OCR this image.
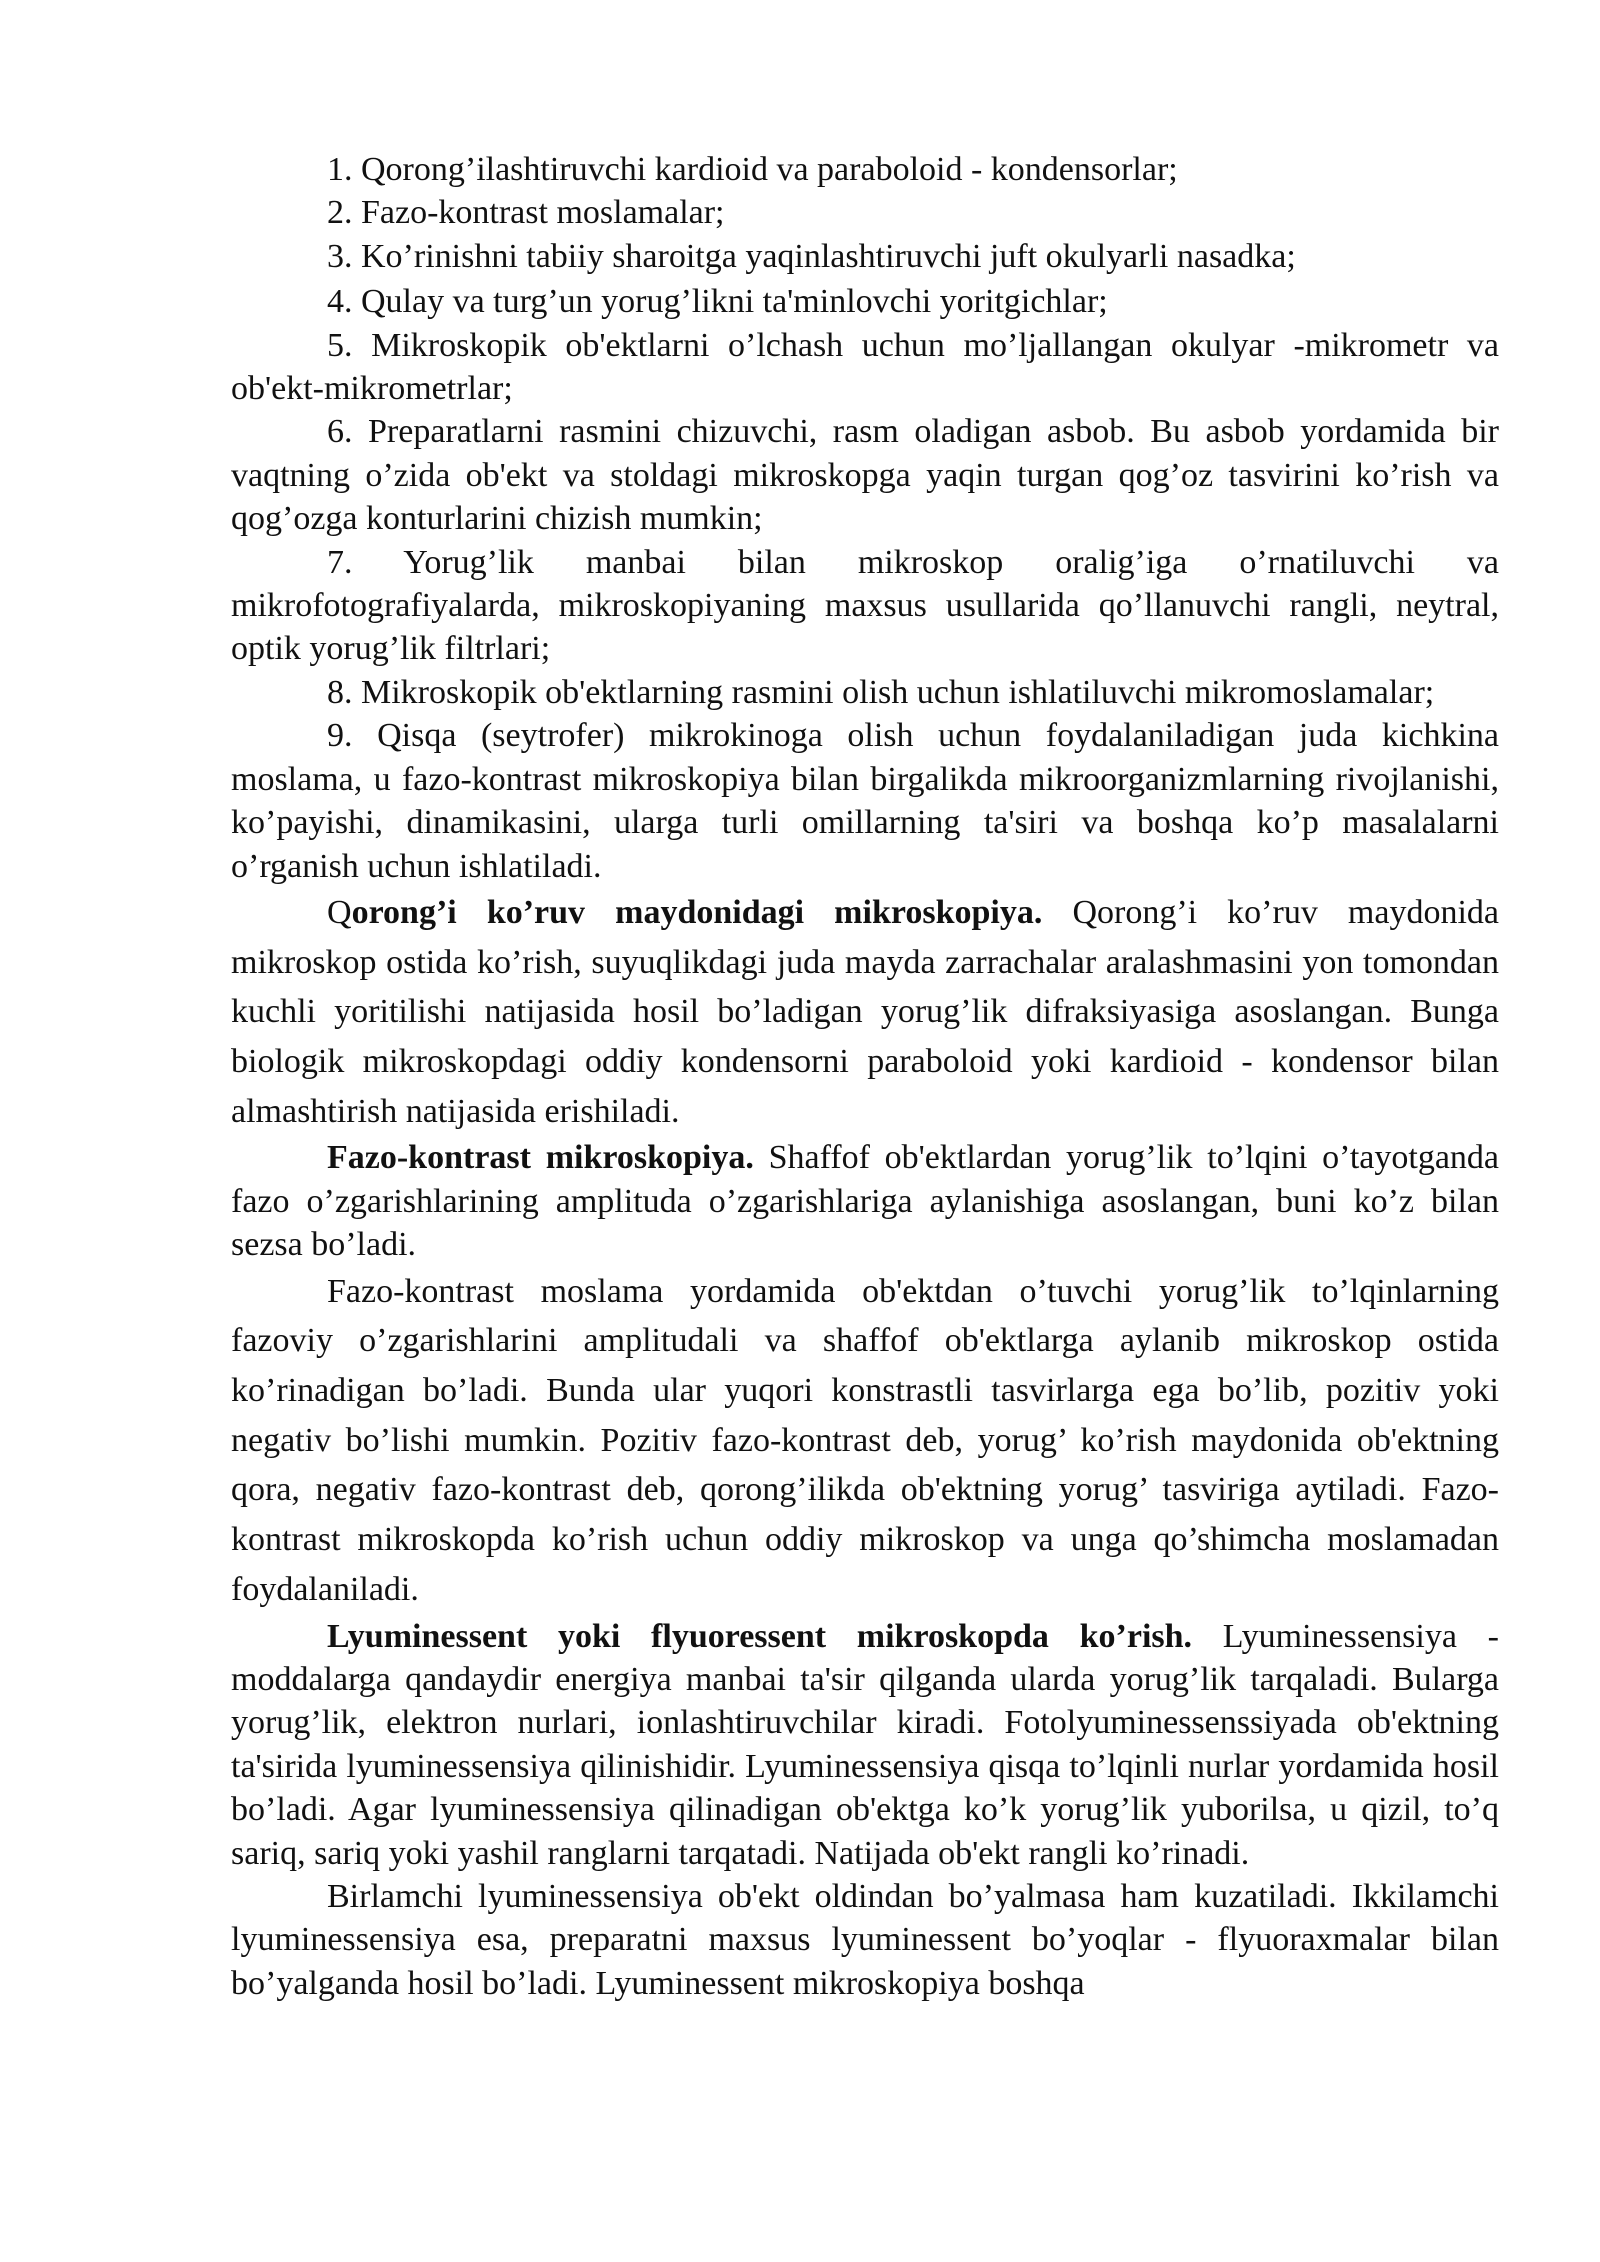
1. Qorong’ilashtiruvchi kardioid va paraboloid - kondensorlar;

2. Fazo-kontrast moslamalar;

3. Ko’rinishni tabiiy sharoitga yaqinlashtiruvchi juft okulyarli nasadka;

4. Qulay va turg’un yorug’likni ta'minlovchi yoritgichlar;

5. Mikroskopik ob'ektlarni o’lchash uchun mo’ljallangan okulyar -mikrometr va ob'ekt-mikrometrlar;

6. Preparatlarni rasmini chizuvchi, rasm oladigan asbob. Bu asbob yordamida bir vaqtning o’zida ob'ekt va stoldagi mikroskopga yaqin turgan qog’oz tasvirini ko’rish va qog’ozga konturlarini chizish mumkin;

7. Yorug’lik manbai bilan mikroskop oralig’iga o’rnatiluvchi va mikrofotografiyalarda, mikroskopiyaning maxsus usullarida qo’llanuvchi rangli, neytral, optik yorug’lik filtrlari;

8. Mikroskopik ob'ektlarning rasmini olish uchun ishlatiluvchi mikromoslamalar;

9. Qisqa (seytrofer) mikrokinoga olish uchun foydalaniladigan juda kichkina moslama, u fazo-kontrast mikroskopiya bilan birgalikda mikroorganizmlarning rivojlanishi, ko’payishi, dinamikasini, ularga turli omillarning ta'siri va boshqa ko’p masalalarni o’rganish uchun ishlatiladi.

Qorong’i ko’ruv maydonidagi mikroskopiya. Qorong’i ko’ruv maydonida mikroskop ostida ko’rish, suyuqlikdagi juda mayda zarrachalar aralashmasini yon tomondan kuchli yoritilishi natijasida hosil bo’ladigan yorug’lik difraksiyasiga asoslangan. Bunga biologik mikroskopdagi oddiy kondensorni paraboloid yoki kardioid - kondensor bilan almashtirish natijasida erishiladi.

Fazo-kontrast mikroskopiya. Shaffof ob'ektlardan yorug’lik to’lqini o’tayotganda fazo o’zgarishlarining amplituda o’zgarishlariga aylanishiga asoslangan, buni ko’z bilan sezsa bo’ladi.

Fazo-kontrast moslama yordamida ob'ektdan o’tuvchi yorug’lik to’lqinlarning fazoviy o’zgarishlarini amplitudali va shaffof ob'ektlarga aylanib mikroskop ostida ko’rinadigan bo’ladi. Bunda ular yuqori konstrastli tasvirlarga ega bo’lib, pozitiv yoki negativ bo’lishi mumkin. Pozitiv fazo-kontrast deb, yorug’ ko’rish maydonida ob'ektning qora, negativ fazo-kontrast deb, qorong’ilikda ob'ektning yorug’ tasviriga aytiladi. Fazo-kontrast mikroskopda ko’rish uchun oddiy mikroskop va unga qo’shimcha moslamadan foydalaniladi.

Lyuminessent yoki flyuoressent mikroskopda ko’rish. Lyuminessensiya - moddalarga qandaydir energiya manbai ta'sir qilganda ularda yorug’lik tarqaladi. Bularga yorug’lik, elektron nurlari, ionlashtiruvchilar kiradi. Fotolyuminessenssiyada ob'ektning ta'sirida lyuminessensiya qilinishidir. Lyuminessensiya qisqa to’lqinli nurlar yordamida hosil bo’ladi. Agar lyuminessensiya qilinadigan ob'ektga ko’k yorug’lik yuborilsa, u qizil, to’q sariq, sariq yoki yashil ranglarni tarqatadi. Natijada ob'ekt rangli ko’rinadi.

Birlamchi lyuminessensiya ob'ekt oldindan bo’yalmasa ham kuzatiladi. Ikkilamchi lyuminessensiya esa, preparatni maxsus lyuminessent bo’yoqlar - flyuoraxmalar bilan bo’yalganda hosil bo’ladi. Lyuminessent mikroskopiya boshqa
